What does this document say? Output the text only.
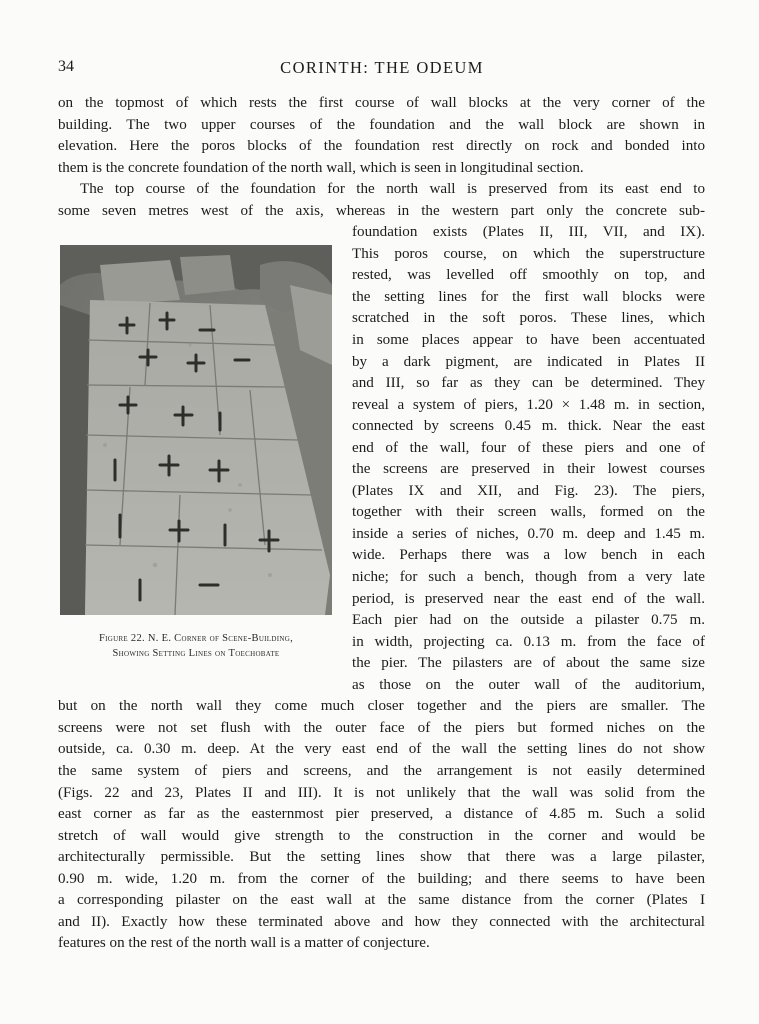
34	CORINTH: THE ODEUM
Figure 22. N. E. Corner of Scene-Building,
Showing Setting Lines on Toechobate

on the topmost of which rests the first course of wall blocks at the very corner of the
building. The two upper courses of the foundation and the wall block are shown in
elevation. Here the poros blocks of the foundation rest directly on rock and bonded into
them is the concrete foundation of the north wall, which is seen in longitudinal section.

The top course of the foundation for the north wall is preserved from its east end to
some seven metres west of the axis, whereas in the western part only the concrete sub-
foundation exists (Plates II, III, VII, and IX).
This poros course, on which the superstructure
rested, was levelled off smoothly on top, and
the setting lines for the first wall blocks were
scratched in the soft poros. These lines, which
in some places appear to have been accentuated
by a dark pigment, are indicated in Plates II
and III, so far as they can be determined. They
reveal a system of piers, 1.20 × 1.48 m. in section,
connected by screens 0.45 m. thick. Near the east
end of the wall, four of these piers and one of
the screens are preserved in their lowest courses
(Plates IX and XII, and Fig. 23). The piers,
together with their screen walls, formed on the
inside a series of niches, 0.70 m. deep and 1.45 m.
wide. Perhaps there was a low bench in each
niche; for such a bench, though from a very late
period, is preserved near the east end of the wall.
Each pier had on the outside a pilaster 0.75 m.
in width, projecting ca. 0.13 m. from the face of
the pier. The pilasters are of about the same size
as those on the outer wall of the auditorium,
but on the north wall they come much closer together and the piers are smaller. The
screens were not set flush with the outer face of the piers but formed niches on the
outside, ca. 0.30 m. deep. At the very east end of the wall the setting lines do not show
the same system of piers and screens, and the arrangement is not easily determined
(Figs. 22 and 23, Plates II and III). It is not unlikely that the wall was solid from the
east corner as far as the easternmost pier preserved, a distance of 4.85 m. Such a solid
stretch of wall would give strength to the construction in the corner and would be
architecturally permissible. But the setting lines show that there was a large pilaster,
0.90 m. wide, 1.20 m. from the corner of the building; and there seems to have been
a corresponding pilaster on the east wall at the same distance from the corner (Plates I
and II). Exactly how these terminated above and how they connected with the architectural
features on the rest of the north wall is a matter of conjecture.
